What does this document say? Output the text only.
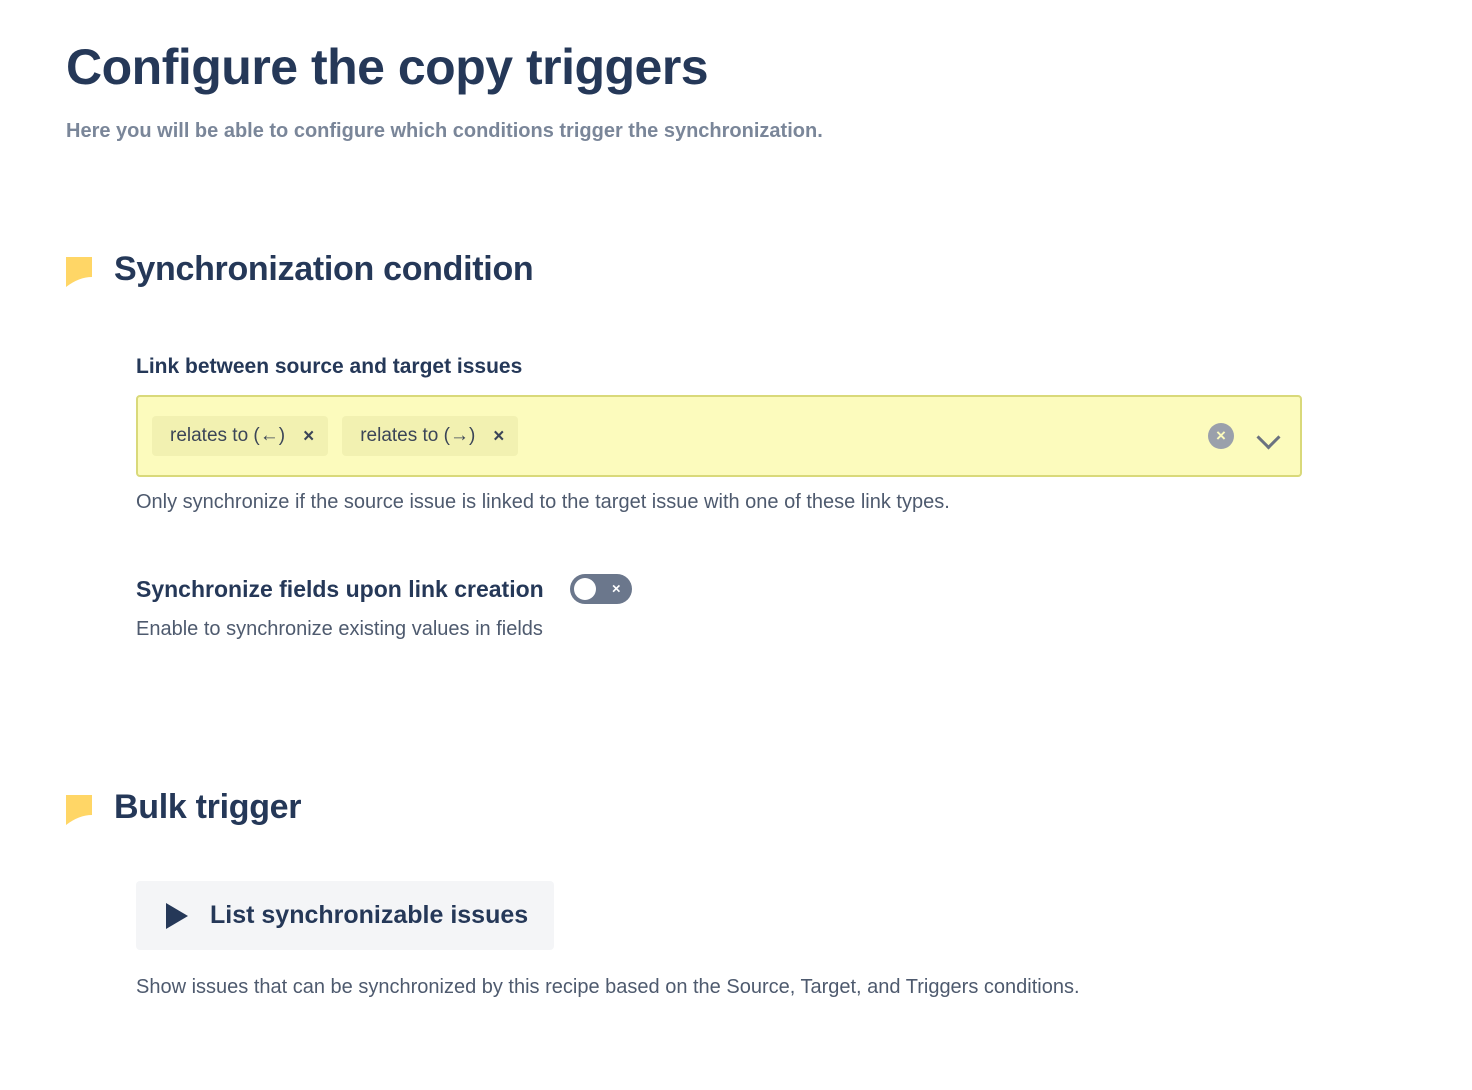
Configure the copy triggers
Here you will be able to configure which conditions trigger the synchronization.
Synchronization condition
Link between source and target issues
relates to (←) × relates to (→) ×	×
Only synchronize if the source issue is linked to the target issue with one of these link types.
Synchronize fields upon link creation	×
Enable to synchronize existing values in fields
Bulk trigger
List synchronizable issues
Show issues that can be synchronized by this recipe based on the Source, Target, and Triggers conditions.
